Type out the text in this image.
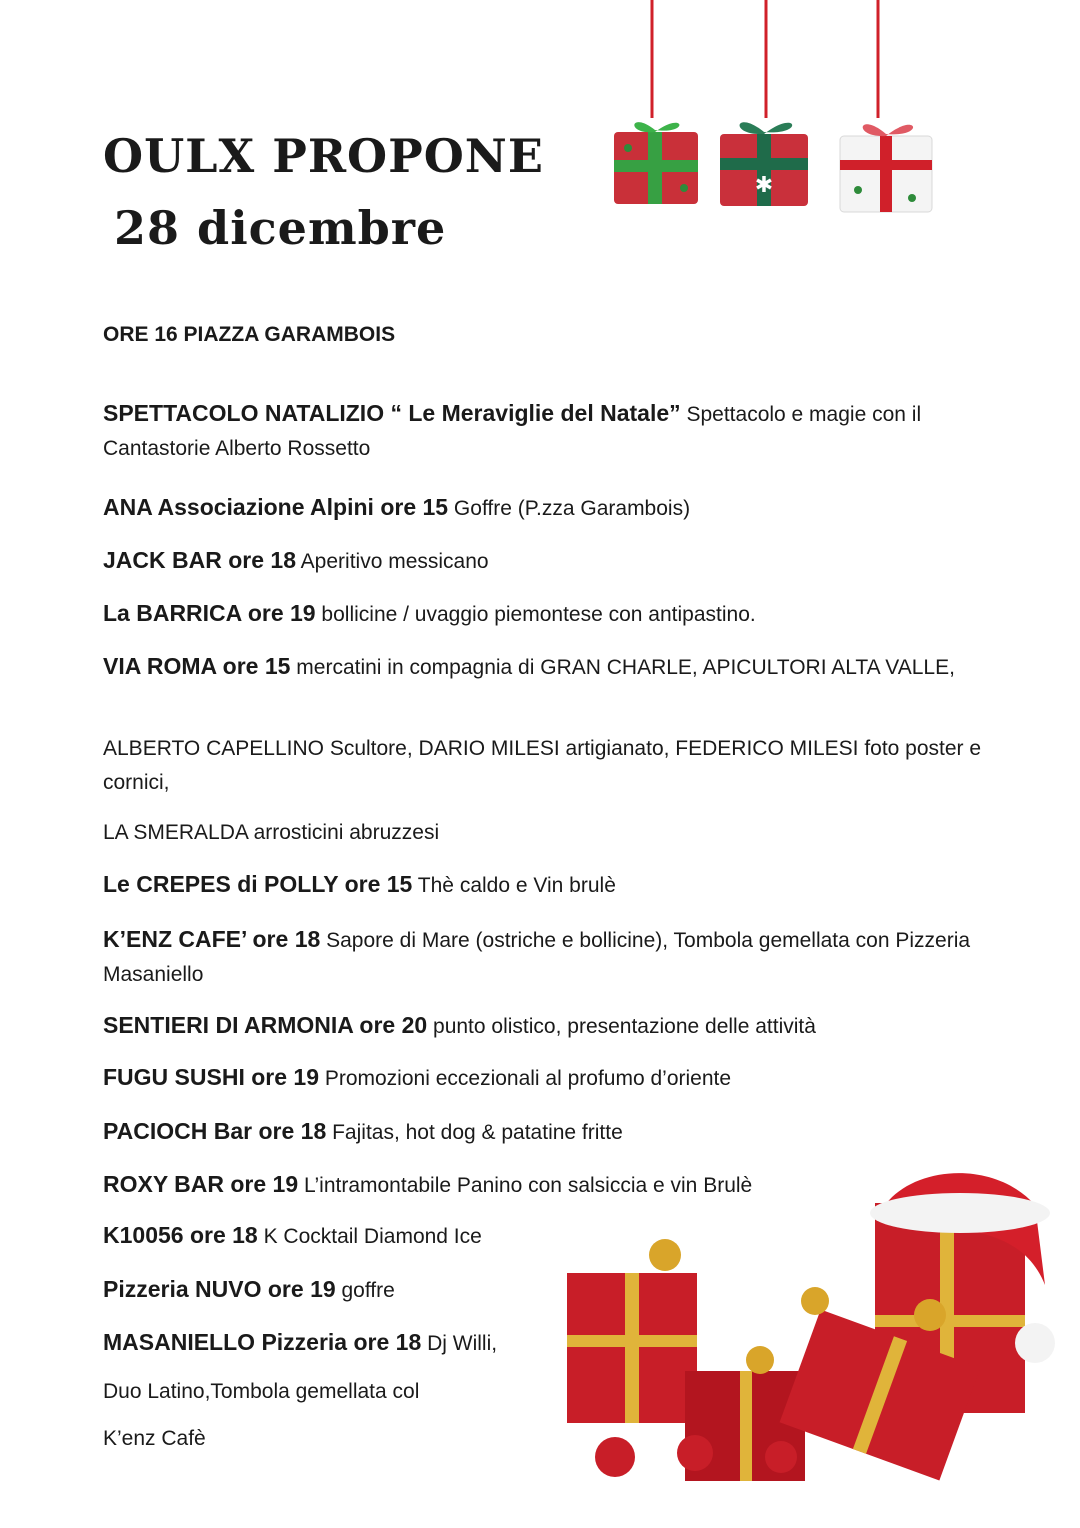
OULX PROPONE
28 dicembre
✱

ORE 16 PIAZZA GARAMBOIS

SPETTACOLO NATALIZIO “ Le Meraviglie del Natale” Spettacolo e magie con il Cantastorie Alberto Rossetto

ANA Associazione Alpini ore 15 Goffre (P.zza Garambois)

JACK BAR ore 18 Aperitivo messicano

La BARRICA ore 19 bollicine / uvaggio piemontese con antipastino.

VIA ROMA ore 15 mercatini in compagnia di GRAN CHARLE, APICULTORI ALTA VALLE,

ALBERTO CAPELLINO Scultore, DARIO MILESI artigianato, FEDERICO MILESI foto poster e cornici,

LA SMERALDA arrosticini abruzzesi

Le CREPES di POLLY ore 15 Thè caldo e Vin brulè

K’ENZ CAFE’ ore 18 Sapore di Mare (ostriche e bollicine), Tombola gemellata con Pizzeria Masaniello

SENTIERI DI ARMONIA ore 20 punto olistico, presentazione delle attività

FUGU SUSHI ore 19 Promozioni eccezionali al profumo d’oriente

PACIOCH Bar ore 18 Fajitas, hot dog & patatine fritte

ROXY BAR ore 19 L’intramontabile Panino con salsiccia e vin Brulè

K10056 ore 18 K Cocktail Diamond Ice

Pizzeria NUVO ore 19 goffre

MASANIELLO Pizzeria ore 18 Dj Willi,

Duo Latino,Tombola gemellata col

K’enz Cafè
